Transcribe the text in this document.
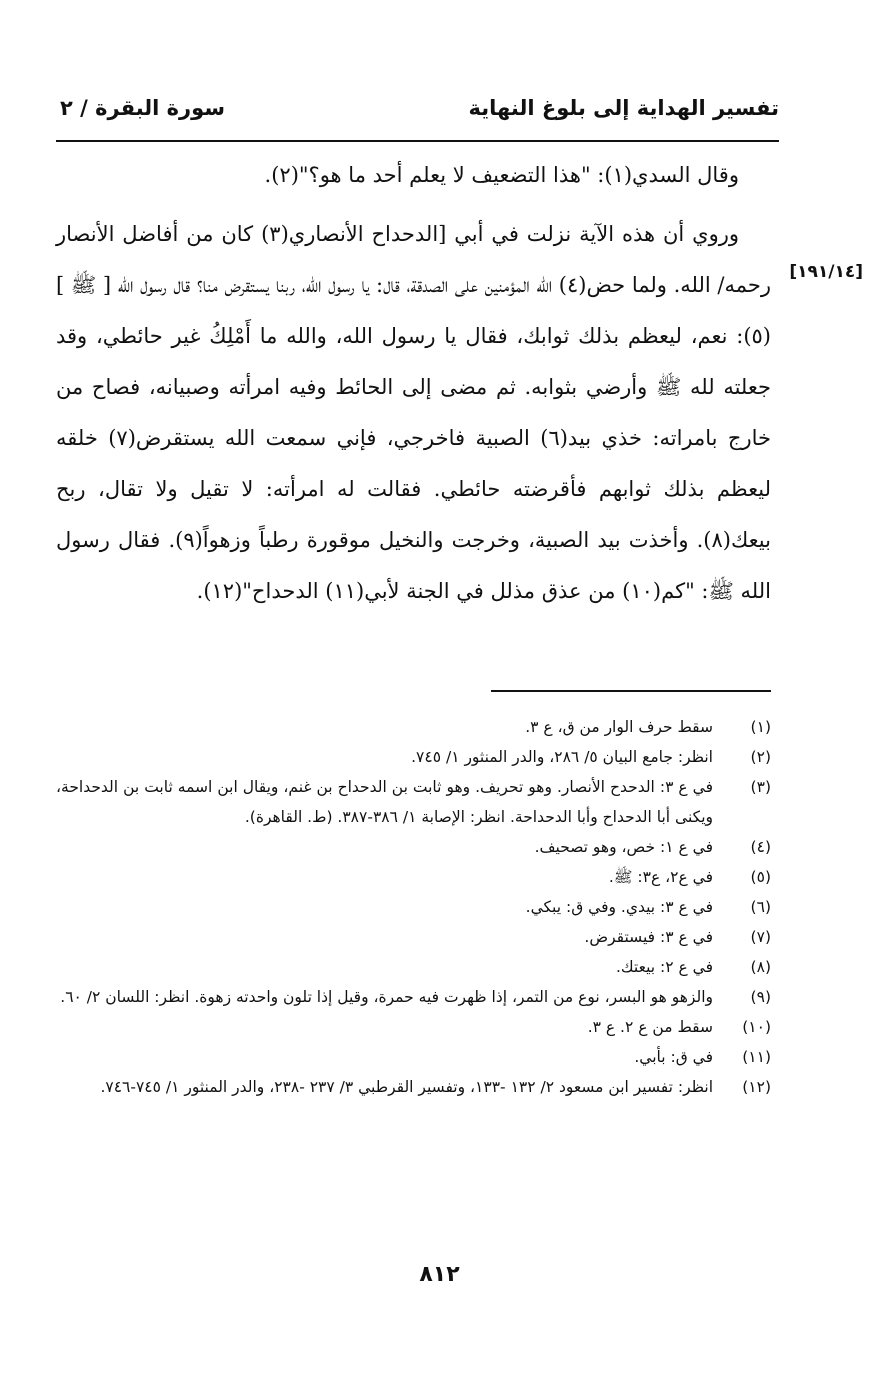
تفسير الهداية إلى بلوغ النهاية
سورة البقرة / ٢
[١٩١/١٤]

وقال السدي(١): "هذا التضعيف لا يعلم أحد ما هو؟"(٢).

وروي أن هذه الآية نزلت في أبي [الدحداح الأنصاري(٣) كان من أفاضل الأنصار رحمه/ الله. ولما حض(٤) الله المؤمنين على الصدقة، قال: يا رسول الله، ربنا يستقرض منا؟ قال رسول الله [ ﷺ ](٥): نعم، ليعظم بذلك ثوابك، فقال يا رسول الله، والله ما أَمْلِكُ غير حائطي، وقد جعلته لله ﷺ وأرضي بثوابه. ثم مضى إلى الحائط وفيه امرأته وصبيانه، فصاح من خارج بامراته: خذي بيد(٦) الصبية فاخرجي، فإني سمعت الله يستقرض(٧) خلقه ليعظم بذلك ثوابهم فأقرضته حائطي. فقالت له امرأته: لا تقيل ولا تقال، ربح بيعك(٨). وأخذت بيد الصبية، وخرجت والنخيل موقورة رطباً وزهواً(٩). فقال رسول الله ﷺ: "كم(١٠) من عذق مذلل في الجنة لأبي(١١) الدحداح"(١٢).

(١)
سقط حرف الوار من ق، ع ٣.
(٢)
انظر: جامع البيان ٥/ ٢٨٦، والدر المنثور ١/ ٧٤٥.
(٣)
في ع ٣: الدحدح الأنصار. وهو تحريف. وهو ثابت بن الدحداح بن غنم، ويقال ابن اسمه ثابت بن الدحداحة، ويكنى أبا الدحداح وأبا الدحداحة. انظر: الإصابة ١/ ٣٨٦-٣٨٧. (ط. القاهرة).
(٤)
في ع ١: خص، وهو تصحيف.
(٥)
في ع٢، ع٣: ﷺ.
(٦)
في ع ٣: بيدي. وفي ق: يبكي.
(٧)
في ع ٣: فيستقرض.
(٨)
في ع ٢: بيعتك.
(٩)
والزهو هو البسر، نوع من التمر، إذا ظهرت فيه حمرة، وقيل إذا تلون واحدته زهوة. انظر: اللسان ٢/ ٦٠.
(١٠)
سقط من ع ٢. ع ٣.
(١١)
في ق: بأبي.
(١٢)
انظر: تفسير ابن مسعود ٢/ ١٣٢ -١٣٣، وتفسير القرطبي ٣/ ٢٣٧ -٢٣٨، والدر المنثور ١/ ٧٤٥-٧٤٦.
٨١٢
